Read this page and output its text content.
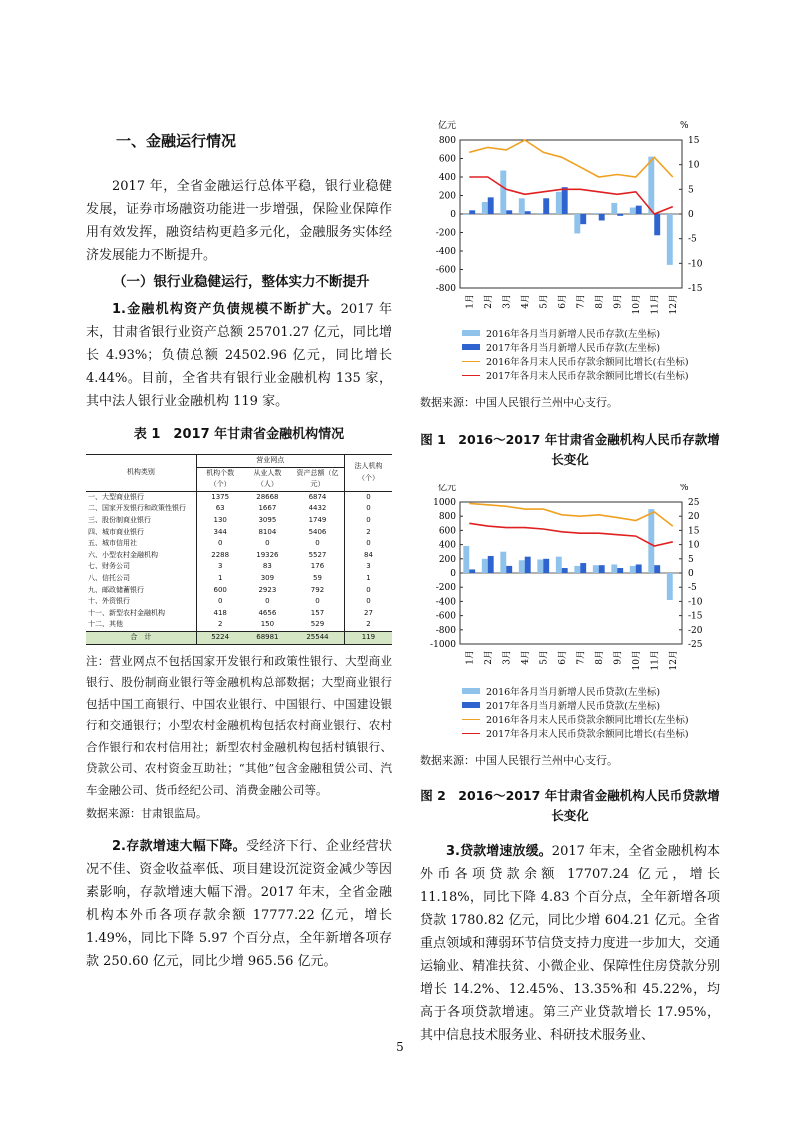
一、金融运行情况

2017 年，全省金融运行总体平稳，银行业稳健发展，证券市场融资功能进一步增强，保险业保障作用有效发挥，融资结构更趋多元化，金融服务实体经济发展能力不断提升。

（一）银行业稳健运行，整体实力不断提升

1.金融机构资产负债规模不断扩大。2017 年末，甘肃省银行业资产总额 25701.27 亿元，同比增长 4.93%；负债总额 24502.96 亿元，同比增长 4.44%。目前，全省共有银行业金融机构 135 家，其中法人银行业金融机构 119 家。

表 1　2017 年甘肃省金融机构情况
机构类别	营业网点			法人机构（个）
	机构个数（个）	从业人数（人）	资产总额（亿元）	
一、大型商业银行	1375	28668	6874	0
二、国家开发银行和政策性银行	63	1667	4432	0
三、股份制商业银行	130	3095	1749	0
四、城市商业银行	344	8104	5406	2
五、城市信用社	0	0	0	0
六、小型农村金融机构	2288	19326	5527	84
七、财务公司	3	83	176	3
八、信托公司	1	309	59	1
九、邮政储蓄银行	600	2923	792	0
十、外资银行	0	0	0	0
十一、新型农村金融机构	418	4656	157	27
十二、其他	2	150	529	2
合　计	5224	68981	25544	119

注：营业网点不包括国家开发银行和政策性银行、大型商业银行、股份制商业银行等金融机构总部数据；大型商业银行包括中国工商银行、中国农业银行、中国银行、中国建设银行和交通银行；小型农村金融机构包括农村商业银行、农村合作银行和农村信用社；新型农村金融机构包括村镇银行、贷款公司、农村资金互助社；“其他”包含金融租赁公司、汽车金融公司、货币经纪公司、消费金融公司等。

数据来源：甘肃银监局。

2.存款增速大幅下降。受经济下行、企业经营状况不佳、资金收益率低、项目建设沉淀资金减少等因素影响，存款增速大幅下滑。2017 年末，全省金融机构本外币各项存款余额 17777.22 亿元，增长 1.49%，同比下降 5.97 个百分点，全年新增各项存款 250.60 亿元，同比少增 965.56 亿元。

亿元	%
800
600
400
200
0
-200
-400
-600
-800
15
10
5
0
-5
-10
-15
1月 2月 3月 4月 5月 6月 7月 8月 9月 10月 11月 12月
2016年各月当月新增人民币存款(左坐标)
2017年各月当月新增人民币存款(左坐标)
2016年各月末人民币存款余额同比增长(右坐标)
2017年各月末人民币存款余额同比增长(右坐标)

数据来源：中国人民银行兰州中心支行。

图 1　2016～2017 年甘肃省金融机构人民币存款增长变化
亿元	%
1000
800
600
400
200
0
-200
-400
-600
-800
-1000
25
20
15
10
5
0
-5
-10
-15
-20
-25
1月 2月 3月 4月 5月 6月 7月 8月 9月 10月 11月 12月
2016年各月当月新增人民币贷款(左坐标)
2017年各月当月新增人民币贷款(左坐标)
2016年各月末人民币贷款余额同比增长(左坐标)
2017年各月末人民币贷款余额同比增长(右坐标)

数据来源：中国人民银行兰州中心支行。

图 2　2016～2017 年甘肃省金融机构人民币贷款增长变化

3.贷款增速放缓。2017 年末，全省金融机构本外币各项贷款余额 17707.24 亿元，增长 11.18%，同比下降 4.83 个百分点，全年新增各项贷款 1780.82 亿元，同比少增 604.21 亿元。全省重点领域和薄弱环节信贷支持力度进一步加大，交通运输业、精准扶贫、小微企业、保障性住房贷款分别增长 14.2%、12.45%、13.35%和 45.22%，均高于各项贷款增速。第三产业贷款增长 17.95%，其中信息技术服务业、科研技术服务业、

5
